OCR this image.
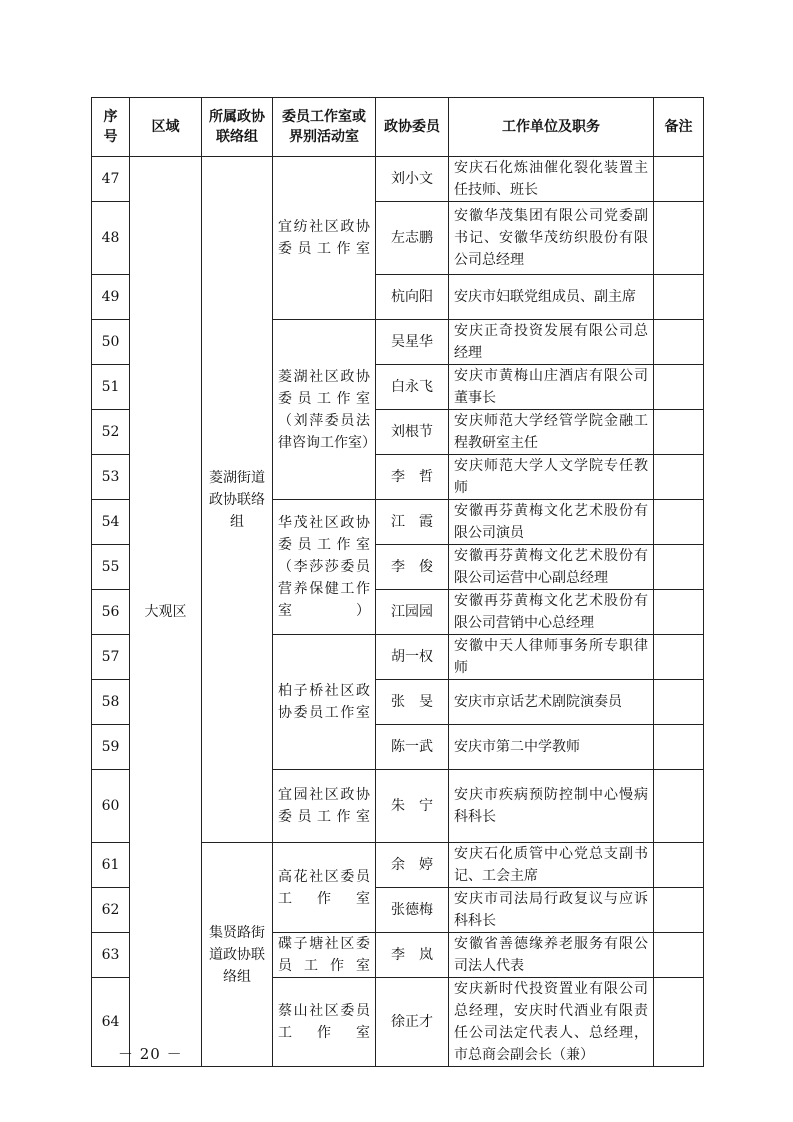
序号	区域	所属政协联络组	委员工作室或界别活动室	政协委员	工作单位及职务	备注
47	大观区	菱湖街道政协联络组	宜纺社区政协委员工作室	刘小文	安庆石化炼油催化裂化装置主任技师、班长	
48				左志鹏	安徽华茂集团有限公司党委副书记、安徽华茂纺织股份有限公司总经理	
49				杭向阳	安庆市妇联党组成员、副主席	
50			菱湖社区政协委员工作室（刘萍委员法律咨询工作室）	吴星华	安庆正奇投资发展有限公司总经理	
51				白永飞	安庆市黄梅山庄酒店有限公司董事长	
52				刘根节	安庆师范大学经管学院金融工程教研室主任	
53				李　哲	安庆师范大学人文学院专任教师	
54			华茂社区政协委员工作室（李莎莎委员营养保健工作室）	江　霞	安徽再芬黄梅文化艺术股份有限公司演员	
55				李　俊	安徽再芬黄梅文化艺术股份有限公司运营中心副总经理	
56				江园园	安徽再芬黄梅文化艺术股份有限公司营销中心总经理	
57			柏子桥社区政协委员工作室	胡一权	安徽中天人律师事务所专职律师	
58				张　旻	安庆市京话艺术剧院演奏员	
59				陈一武	安庆市第二中学教师	
60			宜园社区政协委员工作室	朱　宁	安庆市疾病预防控制中心慢病科科长	
61		集贤路街道政协联络组	高花社区委员工作室	余　婷	安庆石化质管中心党总支副书记、工会主席	
62				张德梅	安庆市司法局行政复议与应诉科科长	
63			碟子塘社区委员工作室	李　岚	安徽省善德缘养老服务有限公司法人代表	
64			蔡山社区委员工作室	徐正才	安庆新时代投资置业有限公司总经理，安庆时代酒业有限责任公司法定代表人、总经理，市总商会副会长（兼）	
－ 20 －
